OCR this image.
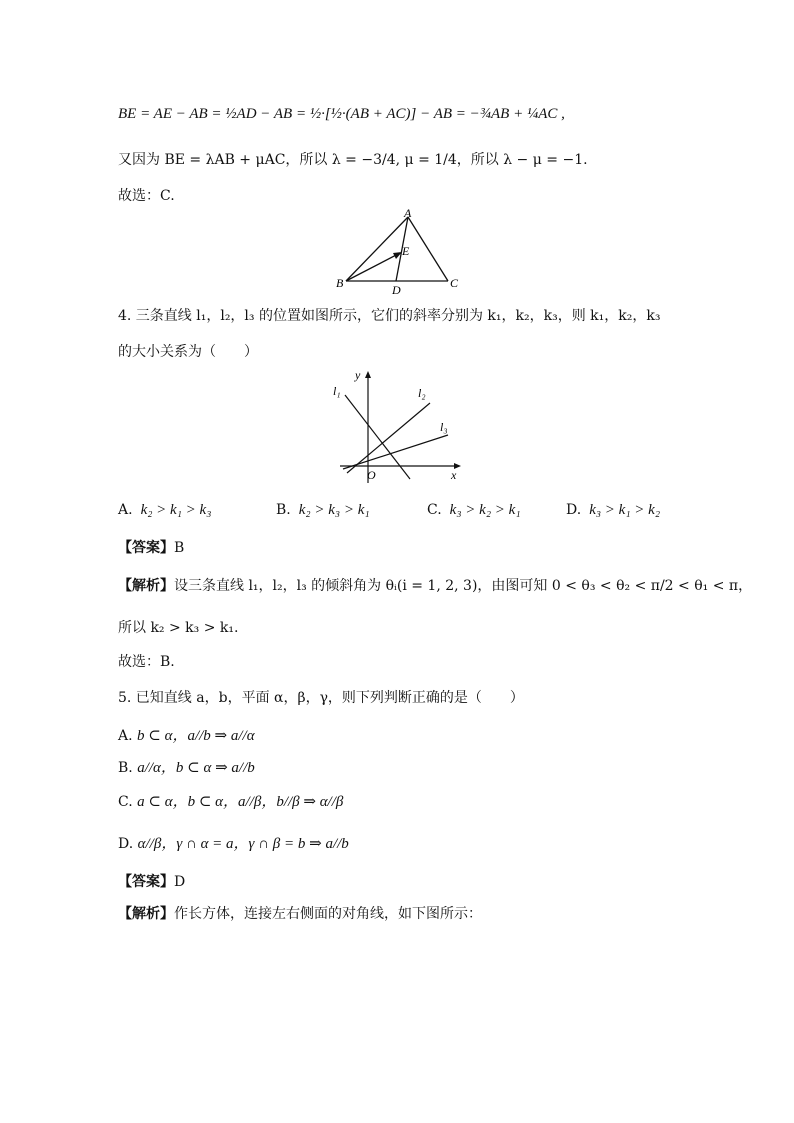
BE = AE − AB = ½AD − AB = ½·[½·(AB + AC)] − AB = −¾AB + ¼AC ,
又因为 BE = λAB + μAC，所以 λ = −3/4, μ = 1/4，所以 λ − μ = −1.
故选：C.
A
B	C
D
E
4. 三条直线 l₁，l₂，l₃ 的位置如图所示，它们的斜率分别为 k₁，k₂，k₃，则 k₁，k₂，k₃
的大小关系为（　　）
y
x
O
l₁	l₂
l₃
A. k₂ > k₁ > k₃	B. k₂ > k₃ > k₁	C. k₃ > k₂ > k₁	D. k₃ > k₁ > k₂
【答案】B
【解析】设三条直线 l₁，l₂，l₃ 的倾斜角为 θᵢ(i = 1, 2, 3)，由图可知 0 < θ₃ < θ₂ < π/2 < θ₁ < π，
所以 k₂ > k₃ > k₁.
故选：B.
5. 已知直线 a，b，平面 α，β，γ，则下列判断正确的是（　　）
A. b ⊂ α，a//b ⇒ a//α
B. a//α，b ⊂ α ⇒ a//b
C. a ⊂ α，b ⊂ α，a//β，b//β ⇒ α//β
D. α//β，γ ∩ α = a，γ ∩ β = b ⇒ a//b
【答案】D
【解析】作长方体，连接左右侧面的对角线，如下图所示：
